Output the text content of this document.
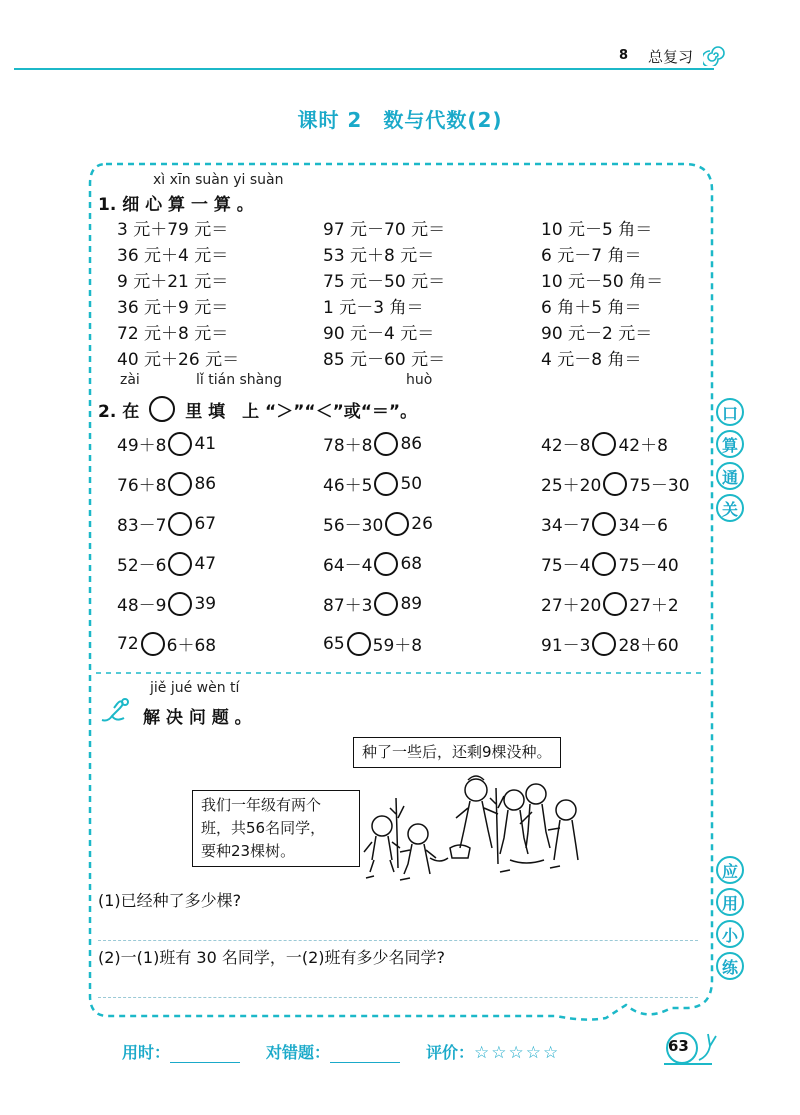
8 总复习
课时 2　数与代数(2)
xì xīn suàn yi suàn
1. 细 心 算 一 算 。
3 元＋79 元＝	97 元－70 元＝	10 元－5 角＝
36 元＋4 元＝	53 元＋8 元＝	6 元－7 角＝
9 元＋21 元＝	75 元－50 元＝	10 元－50 角＝
36 元＋9 元＝	1 元－3 角＝	6 角＋5 角＝
72 元＋8 元＝	90 元－4 元＝	90 元－2 元＝
40 元＋26 元＝	85 元－60 元＝	4 元－8 角＝
zài	lǐ tián shàng	huò
2. 在	里 填　上 “＞”“＜”或“＝”。
49＋8 41	78＋8 86	42－8 42＋8
76＋8 86	46＋5 50	25＋20 75－30
83－7 67	56－30 26	34－7 34－6
52－6 47	64－4 68	75－4 75－40
48－9 39	87＋3 89	27＋20 27＋2
72 6＋68	65 59＋8	91－3 28＋60
口
算
通
关
应
用
小
练
jiě jué wèn tí
解 决 问 题 。
种了一些后，还剩9棵没种。
我们一年级有两个
班，共56名同学，
要种23棵树。
(1)已经种了多少棵?
(2)一(1)班有 30 名同学，一(2)班有多少名同学?
用时：	对错题：	评价： ☆☆☆☆☆	63
